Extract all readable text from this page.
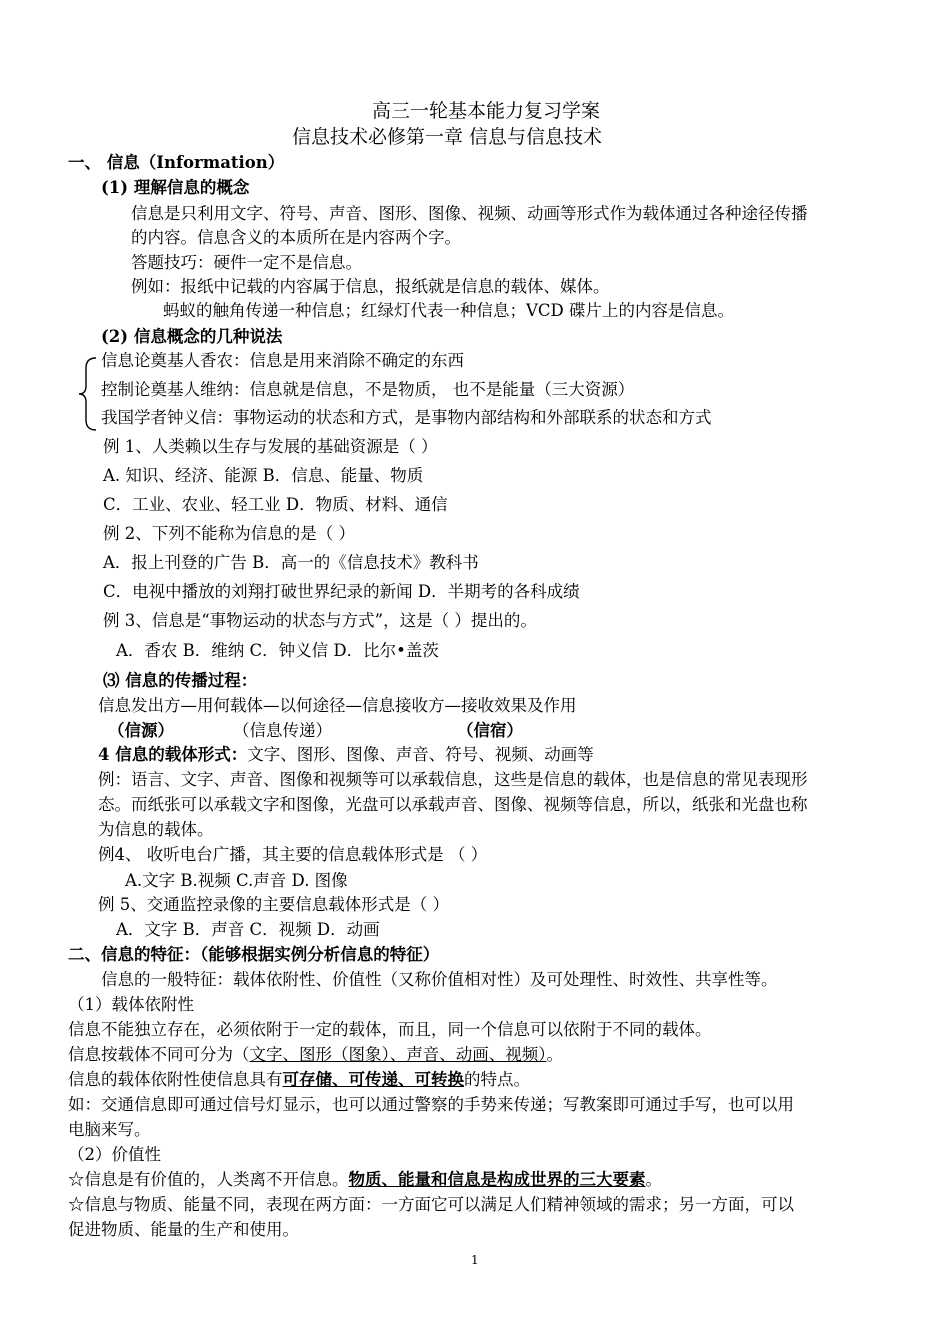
高三一轮基本能力复习学案
信息技术必修第一章 信息与信息技术
一、 信息（Information）
(1) 理解信息的概念
信息是只利用文字、符号、声音、图形、图像、视频、动画等形式作为载体通过各种途径传播
的内容。信息含义的本质所在是内容两个字。
答题技巧：硬件一定不是信息。
例如：报纸中记载的内容属于信息，报纸就是信息的载体、媒体。
蚂蚁的触角传递一种信息；红绿灯代表一种信息；VCD 碟片上的内容是信息。
(2) 信息概念的几种说法
信息论奠基人香农：信息是用来消除不确定的东西
控制论奠基人维纳：信息就是信息，不是物质， 也不是能量（三大资源）
我国学者钟义信：事物运动的状态和方式，是事物内部结构和外部联系的状态和方式
例 1、人类赖以生存与发展的基础资源是（ ）
A. 知识、经济、能源 B．信息、能量、物质
C．工业、农业、轻工业 D．物质、材料、通信
例 2、下列不能称为信息的是（ ）
A．报上刊登的广告 B．高一的《信息技术》教科书
C．电视中播放的刘翔打破世界纪录的新闻 D．半期考的各科成绩
例 3、信息是“事物运动的状态与方式”，这是（ ）提出的。
A．香农 B．维纳 C．钟义信 D．比尔•盖茨
⑶ 信息的传播过程：
信息发出方—用何载体—以何途径—信息接收方—接收效果及作用
（信源）	（信息传递）	（信宿）
4 信息的载体形式：文字、图形、图像、声音、符号、视频、动画等
例：语言、文字、声音、图像和视频等可以承载信息，这些是信息的载体，也是信息的常见表现形
态。而纸张可以承载文字和图像，光盘可以承载声音、图像、视频等信息，所以，纸张和光盘也称
为信息的载体。
例4、 收听电台广播，其主要的信息载体形式是 （ ）
A.文字 B.视频 C.声音 D. 图像
例 5、交通监控录像的主要信息载体形式是（ ）
A．文字 B．声音 C．视频 D．动画
二、信息的特征：（能够根据实例分析信息的特征）
信息的一般特征：载体依附性、价值性（又称价值相对性）及可处理性、时效性、共享性等。
（1）载体依附性
信息不能独立存在，必须依附于一定的载体，而且，同一个信息可以依附于不同的载体。
信息按载体不同可分为（文字、图形（图象）、声音、动画、视频）。
信息的载体依附性使信息具有可存储、可传递、可转换的特点。
如：交通信息即可通过信号灯显示，也可以通过警察的手势来传递；写教案即可通过手写，也可以用
电脑来写。
（2）价值性
☆信息是有价值的，人类离不开信息。物质、能量和信息是构成世界的三大要素。
☆信息与物质、能量不同，表现在两方面：一方面它可以满足人们精神领域的需求；另一方面，可以
促进物质、能量的生产和使用。
1
